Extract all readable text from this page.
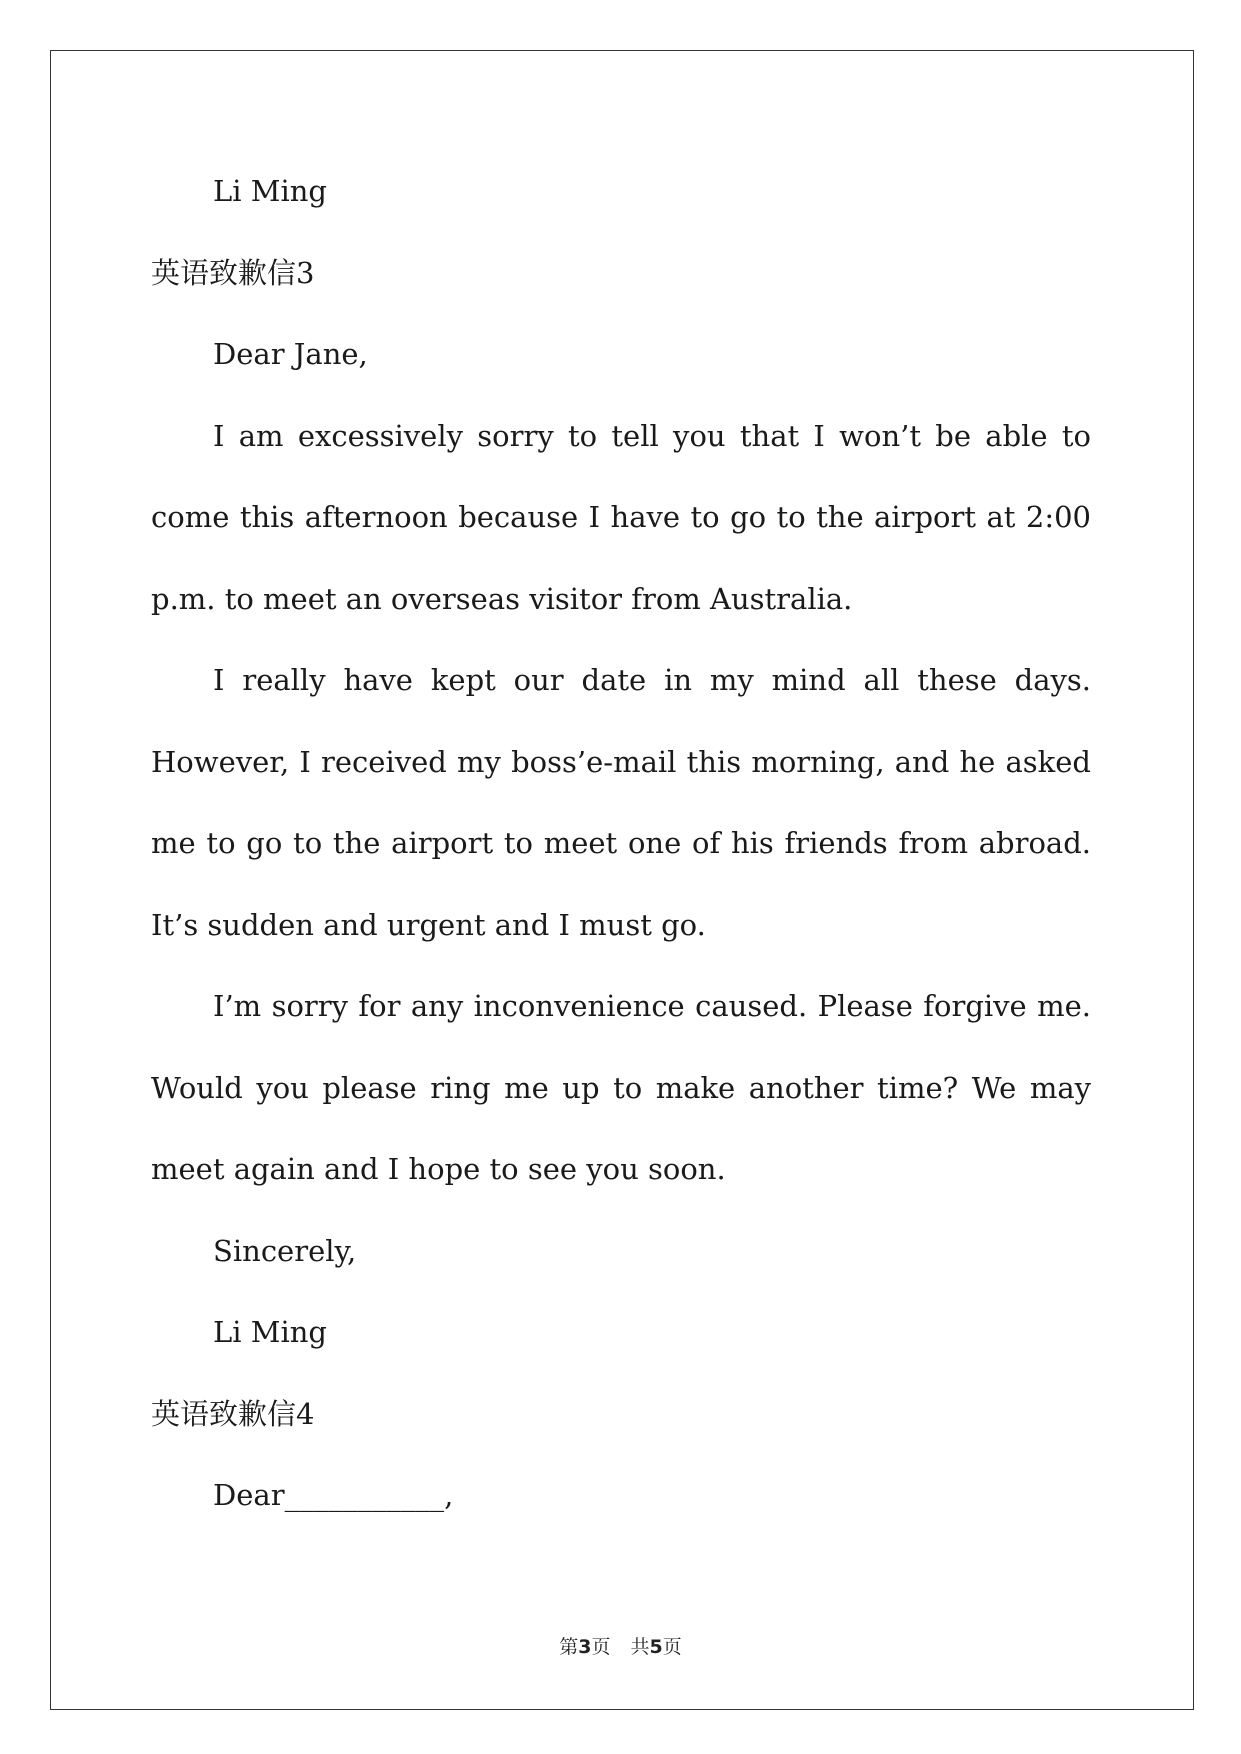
Li Ming

英语致歉信3

Dear Jane,

I am excessively sorry to tell you that I won’t be able to come this afternoon because I have to go to the airport at 2:00 p.m. to meet an overseas visitor from Australia.

I really have kept our date in my mind all these days. However, I received my boss’e-mail this morning, and he asked me to go to the airport to meet one of his friends from abroad. It’s sudden and urgent and I must go.

I’m sorry for any inconvenience caused. Please forgive me. Would you please ring me up to make another time? We may meet again and I hope to see you soon.

Sincerely,

Li Ming

英语致歉信4

Dear___________,

第3页 共5页
